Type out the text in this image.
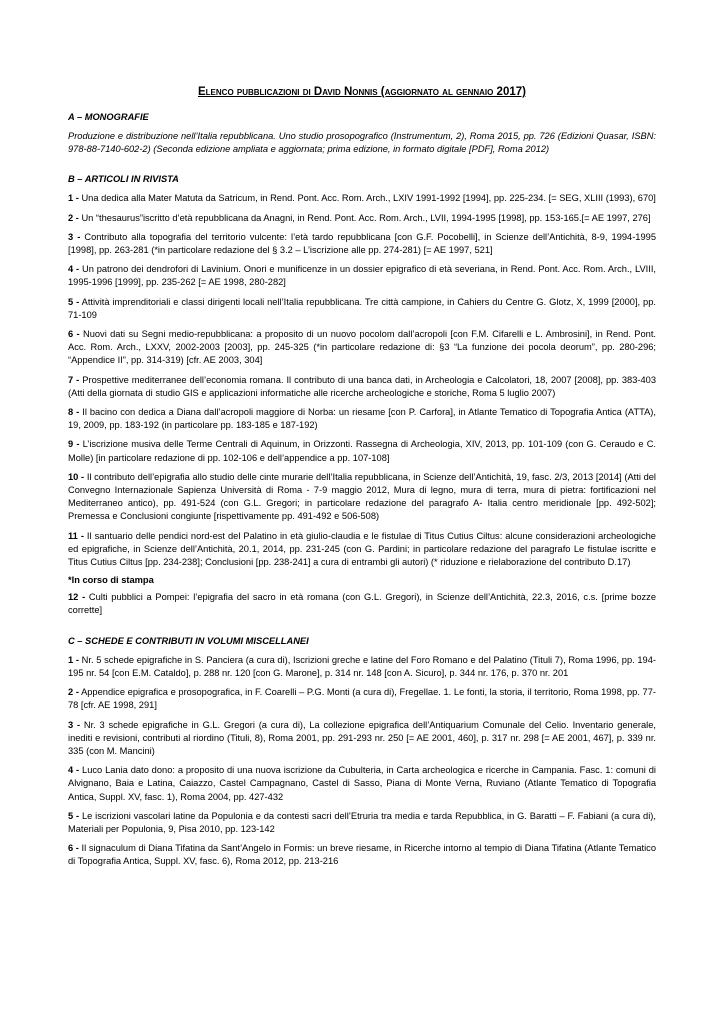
Elenco pubblicazioni di David Nonnis (aggiornato al gennaio 2017)
A – MONOGRAFIE
Produzione e distribuzione nell’Italia repubblicana. Uno studio prosopografico (Instrumentum, 2), Roma 2015, pp. 726 (Edizioni Quasar, ISBN: 978-88-7140-602-2) (Seconda edizione ampliata e aggiornata; prima edizione, in formato digitale [PDF], Roma 2012)
B – ARTICOLI IN RIVISTA
1 - Una dedica alla Mater Matuta da Satricum, in Rend. Pont. Acc. Rom. Arch., LXIV 1991-1992 [1994], pp. 225-234. [= SEG, XLIII (1993), 670]
2 - Un “thesaurus”iscritto d’età repubblicana da Anagni, in Rend. Pont. Acc. Rom. Arch., LVII, 1994-1995 [1998], pp. 153-165.[= AE 1997, 276]
3 - Contributo alla topografia del territorio vulcente: l’età tardo repubblicana [con G.F. Pocobelli], in Scienze dell’Antichità, 8-9, 1994-1995 [1998], pp. 263-281 (*in particolare redazione del § 3.2 – L’iscrizione alle pp. 274-281) [= AE 1997, 521]
4 - Un patrono dei dendrofori di Lavinium. Onori e munificenze in un dossier epigrafico di età severiana, in Rend. Pont. Acc. Rom. Arch., LVIII, 1995-1996 [1999], pp. 235-262 [= AE 1998, 280-282]
5 - Attività imprenditoriali e classi dirigenti locali nell’Italia repubblicana. Tre città campione, in Cahiers du Centre G. Glotz, X, 1999 [2000], pp. 71-109
6 - Nuovi dati su Segni medio-repubblicana: a proposito di un nuovo pocolom dall’acropoli [con F.M. Cifarelli e L. Ambrosini], in Rend. Pont. Acc. Rom. Arch., LXXV, 2002-2003 [2003], pp. 245-325 (*in particolare redazione di: §3 “La funzione dei pocola deorum”, pp. 280-296; “Appendice II”, pp. 314-319) [cfr. AE 2003, 304]
7 - Prospettive mediterranee dell’economia romana. Il contributo di una banca dati, in Archeologia e Calcolatori, 18, 2007 [2008], pp. 383-403 (Atti della giornata di studio GIS e applicazioni informatiche alle ricerche archeologiche e storiche, Roma 5 luglio 2007)
8 - Il bacino con dedica a Diana dall’acropoli maggiore di Norba: un riesame [con P. Carfora], in Atlante Tematico di Topografia Antica (ATTA), 19, 2009, pp. 183-192 (in particolare pp. 183-185 e 187-192)
9 - L’iscrizione musiva delle Terme Centrali di Aquinum, in Orizzonti. Rassegna di Archeologia, XIV, 2013, pp. 101-109 (con G. Ceraudo e C. Molle) [in particolare redazione di pp. 102-106 e dell’appendice a pp. 107-108]
10 - Il contributo dell’epigrafia allo studio delle cinte murarie dell’Italia repubblicana, in Scienze dell’Antichità, 19, fasc. 2/3, 2013 [2014] (Atti del Convegno Internazionale Sapienza Università di Roma - 7-9 maggio 2012, Mura di legno, mura di terra, mura di pietra: fortificazioni nel Mediterraneo antico), pp. 491-524 (con G.L. Gregori; in particolare redazione del paragrafo A- Italia centro meridionale [pp. 492-502]; Premessa e Conclusioni congiunte [rispettivamente pp. 491-492 e 506-508)
11 - Il santuario delle pendici nord-est del Palatino in età giulio-claudia e le fistulae di Titus Cutius Ciltus: alcune considerazioni archeologiche ed epigrafiche, in Scienze dell’Antichità, 20.1, 2014, pp. 231-245 (con G. Pardini; in particolare redazione del paragrafo Le fistulae iscritte e Titus Cutius Ciltus [pp. 234-238]; Conclusioni [pp. 238-241] a cura di entrambi gli autori) (* riduzione e rielaborazione del contributo D.17)
*In corso di stampa
12 - Culti pubblici a Pompei: l’epigrafia del sacro in età romana (con G.L. Gregori), in Scienze dell’Antichità, 22.3, 2016, c.s. [prime bozze corrette]
C – SCHEDE E CONTRIBUTI IN VOLUMI MISCELLANEI
1 - Nr. 5 schede epigrafiche in S. Panciera (a cura di), Iscrizioni greche e latine del Foro Romano e del Palatino (Tituli 7), Roma 1996, pp. 194-195 nr. 54 [con E.M. Cataldo], p. 288 nr. 120 [con G. Marone], p. 314 nr. 148 [con A. Sicuro], p. 344 nr. 176, p. 370 nr. 201
2 - Appendice epigrafica e prosopografica, in F. Coarelli – P.G. Monti (a cura di), Fregellae. 1. Le fonti, la storia, il territorio, Roma 1998, pp. 77-78 [cfr. AE 1998, 291]
3 - Nr. 3 schede epigrafiche in G.L. Gregori (a cura di), La collezione epigrafica dell’Antiquarium Comunale del Celio. Inventario generale, inediti e revisioni, contributi al riordino (Tituli, 8), Roma 2001, pp. 291-293 nr. 250 [= AE 2001, 460], p. 317 nr. 298 [= AE 2001, 467], p. 339 nr. 335 (con M. Mancini)
4 - Luco Lania dato dono: a proposito di una nuova iscrizione da Cubulteria, in Carta archeologica e ricerche in Campania. Fasc. 1: comuni di Alvignano, Baia e Latina, Caiazzo, Castel Campagnano, Castel di Sasso, Piana di Monte Verna, Ruviano (Atlante Tematico di Topografia Antica, Suppl. XV, fasc. 1), Roma 2004, pp. 427-432
5 - Le iscrizioni vascolari latine da Populonia e da contesti sacri dell’Etruria tra media e tarda Repubblica, in G. Baratti – F. Fabiani (a cura di), Materiali per Populonia, 9, Pisa 2010, pp. 123-142
6 - Il signaculum di Diana Tifatina da Sant’Angelo in Formis: un breve riesame, in Ricerche intorno al tempio di Diana Tifatina (Atlante Tematico di Topografia Antica, Suppl. XV, fasc. 6), Roma 2012, pp. 213-216
